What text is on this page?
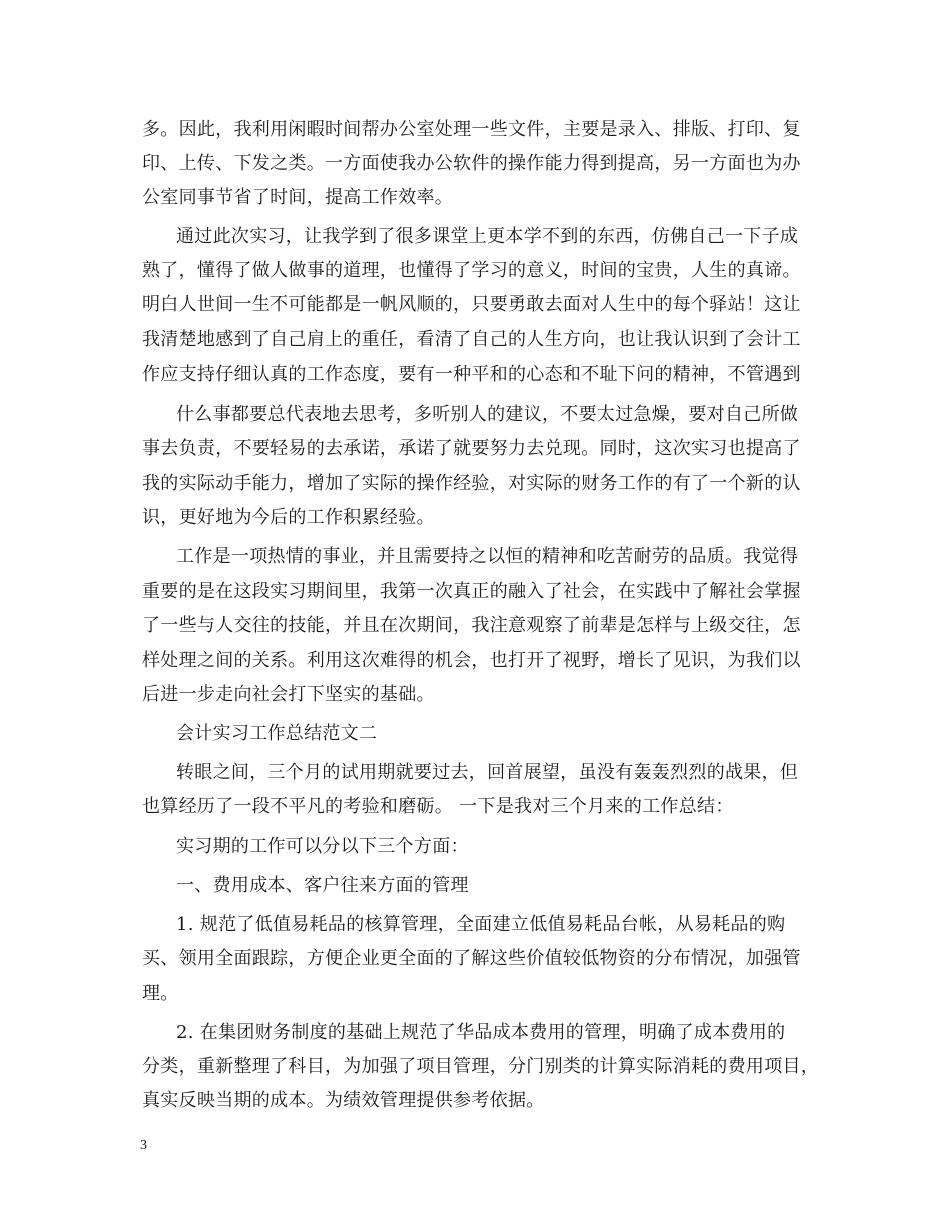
多。因此，我利用闲暇时间帮办公室处理一些文件，主要是录入、排版、打印、复
印、上传、下发之类。一方面使我办公软件的操作能力得到提高，另一方面也为办
公室同事节省了时间，提高工作效率。
通过此次实习，让我学到了很多课堂上更本学不到的东西，仿佛自己一下子成
熟了，懂得了做人做事的道理，也懂得了学习的意义，时间的宝贵，人生的真谛。
明白人世间一生不可能都是一帆风顺的，只要勇敢去面对人生中的每个驿站！这让
我清楚地感到了自己肩上的重任，看清了自己的人生方向，也让我认识到了会计工
作应支持仔细认真的工作态度，要有一种平和的心态和不耻下问的精神，不管遇到
什么事都要总代表地去思考，多听别人的建议，不要太过急燥，要对自己所做
事去负责，不要轻易的去承诺，承诺了就要努力去兑现。同时，这次实习也提高了
我的实际动手能力，增加了实际的操作经验，对实际的财务工作的有了一个新的认
识，更好地为今后的工作积累经验。
工作是一项热情的事业，并且需要持之以恒的精神和吃苦耐劳的品质。我觉得
重要的是在这段实习期间里，我第一次真正的融入了社会，在实践中了解社会掌握
了一些与人交往的技能，并且在次期间，我注意观察了前辈是怎样与上级交往，怎
样处理之间的关系。利用这次难得的机会，也打开了视野，增长了见识，为我们以
后进一步走向社会打下坚实的基础。
会计实习工作总结范文二
转眼之间，三个月的试用期就要过去，回首展望，虽没有轰轰烈烈的战果，但
也算经历了一段不平凡的考验和磨砺。 一下是我对三个月来的工作总结：
实习期的工作可以分以下三个方面：
一、费用成本、客户往来方面的管理
1. 规范了低值易耗品的核算管理，全面建立低值易耗品台帐，从易耗品的购
买、领用全面跟踪，方便企业更全面的了解这些价值较低物资的分布情况，加强管
理。
2. 在集团财务制度的基础上规范了华品成本费用的管理，明确了成本费用的
分类，重新整理了科目，为加强了项目管理，分门别类的计算实际消耗的费用项目，
真实反映当期的成本。为绩效管理提供参考依据。
3
